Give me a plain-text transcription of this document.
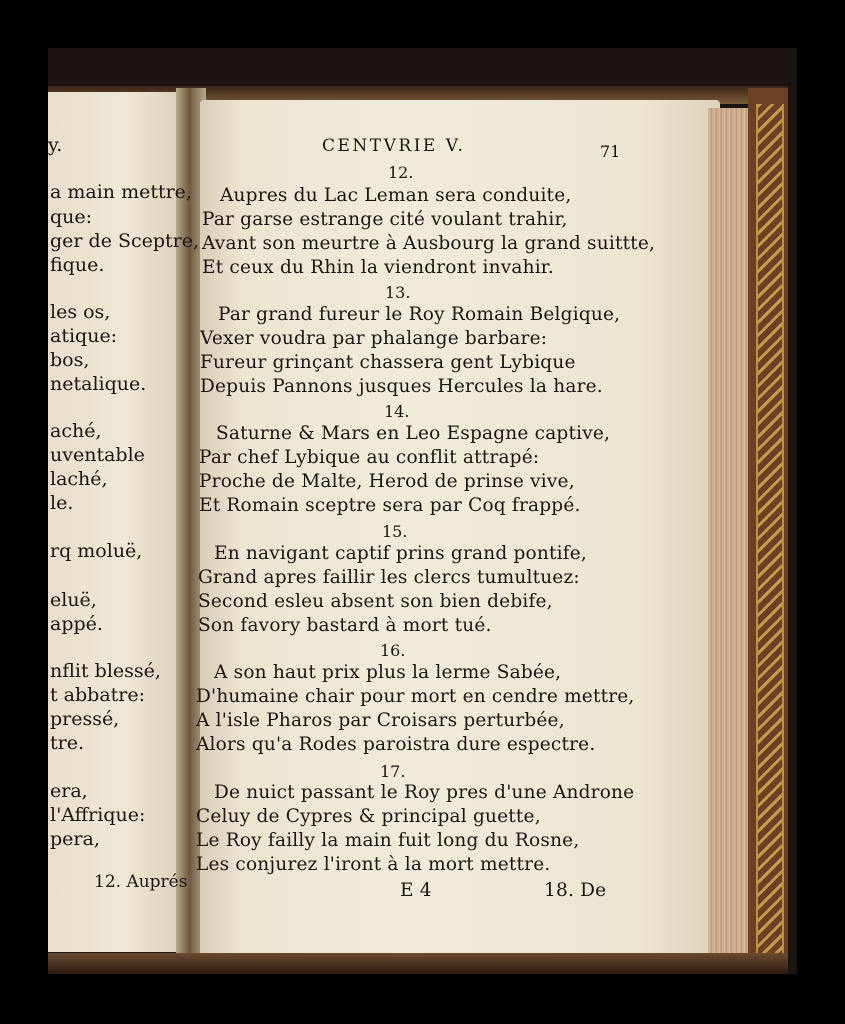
y.
a main mettre,
que:
ger de Sceptre,
fique.
les os,
atique:
bos,
netalique.
aché,
uventable
laché,
le.
rq moluë,
eluë,
appé.
nflit blessé,
t abbatre:
pressé,
tre.
era,
l'Affrique:
pera,
12. Auprés
CENTVRIE V.	71
12.
Aupres du Lac Leman sera conduite,
Par garse estrange cité voulant trahir,
Avant son meurtre à Ausbourg la grand suittte,
Et ceux du Rhin la viendront invahir.
13.
Par grand fureur le Roy Romain Belgique,
Vexer voudra par phalange barbare:
Fureur grinçant chassera gent Lybique
Depuis Pannons jusques Hercules la hare.
14.
Saturne & Mars en Leo Espagne captive,
Par chef Lybique au conflit attrapé:
Proche de Malte, Herod de prinse vive,
Et Romain sceptre sera par Coq frappé.
15.
En navigant captif prins grand pontife,
Grand apres faillir les clercs tumultuez:
Second esleu absent son bien debife,
Son favory bastard à mort tué.
16.
A son haut prix plus la lerme Sabée,
D'humaine chair pour mort en cendre mettre,
A l'isle Pharos par Croisars perturbée,
Alors qu'a Rodes paroistra dure espectre.
17.
De nuict passant le Roy pres d'une Androne
Celuy de Cypres & principal guette,
Le Roy failly la main fuit long du Rosne,
Les conjurez l'iront à la mort mettre.
E 4	18. De
